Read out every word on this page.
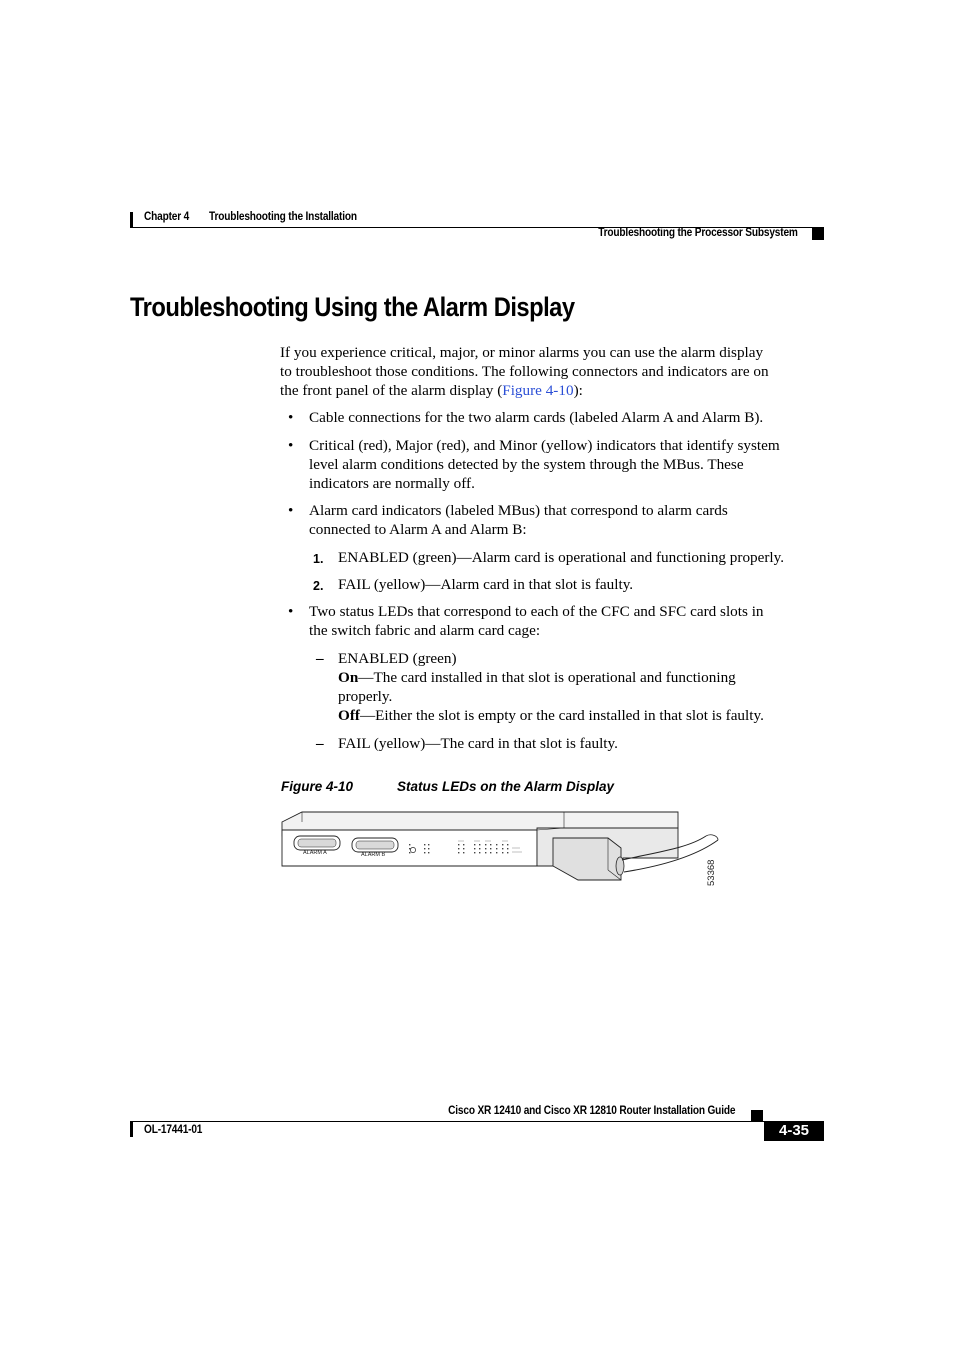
Chapter 4 Troubleshooting the Installation
Troubleshooting the Processor Subsystem
Troubleshooting Using the Alarm Display

If you experience critical, major, or minor alarms you can use the alarm display

to troubleshoot those conditions. The following connectors and indicators are on

the front panel of the alarm display (Figure 4-10):

• Cable connections for the two alarm cards (labeled Alarm A and Alarm B).

• Critical (red), Major (red), and Minor (yellow) indicators that identify system

level alarm conditions detected by the system through the MBus. These

indicators are normally off.

• Alarm card indicators (labeled MBus) that correspond to alarm cards

connected to Alarm A and Alarm B:

1. ENABLED (green)—Alarm card is operational and functioning properly.

2. FAIL (yellow)—Alarm card in that slot is faulty.

• Two status LEDs that correspond to each of the CFC and SFC card slots in

the switch fabric and alarm card cage:

– ENABLED (green)

On—The card installed in that slot is operational and functioning

properly.

Off—Either the slot is empty or the card installed in that slot is faulty.

– FAIL (yellow)—The card in that slot is faulty.

Figure 4-10	Status LEDs on the Alarm Display
ALARM A	ALARM B
53368
Cisco XR 12410 and Cisco XR 12810 Router Installation Guide
OL-17441-01	4-35
